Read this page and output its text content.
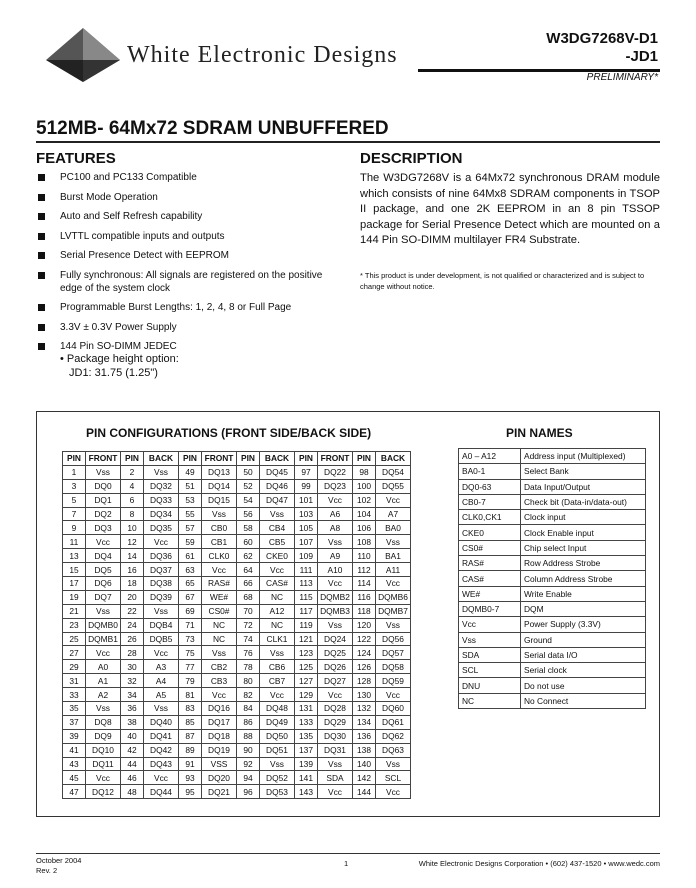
White Electronic Designs
W3DG7268V-D1
-JD1
PRELIMINARY*
512MB- 64Mx72 SDRAM UNBUFFERED
FEATURES
PC100 and PC133 Compatible
Burst Mode Operation
Auto and Self Refresh capability
LVTTL compatible inputs and outputs
Serial Presence Detect with EEPROM
Fully synchronous: All signals are registered on the positive edge of the system clock
Programmable Burst Lengths: 1, 2, 4, 8 or Full Page
3.3V ± 0.3V Power Supply
144 Pin SO-DIMM JEDEC
• Package height option:
JD1: 31.75 (1.25")
DESCRIPTION
The W3DG7268V is a 64Mx72 synchronous DRAM module which consists of nine 64Mx8 SDRAM components in TSOP II package, and one 2K EEPROM in an 8 pin TSSOP package for Serial Presence Detect which are mounted on a 144 Pin SO-DIMM multilayer FR4 Substrate.
* This product is under development, is not qualified or characterized and is subject to change without notice.
PIN CONFIGURATIONS (FRONT SIDE/BACK SIDE)	PIN NAMES
PIN	FRONT	PIN	BACK	PIN	FRONT	PIN	BACK	PIN	FRONT	PIN	BACK
1	Vss	2	Vss	49	DQ13	50	DQ45	97	DQ22	98	DQ54
3	DQ0	4	DQ32	51	DQ14	52	DQ46	99	DQ23	100	DQ55
5	DQ1	6	DQ33	53	DQ15	54	DQ47	101	Vcc	102	Vcc
7	DQ2	8	DQ34	55	Vss	56	Vss	103	A6	104	A7
9	DQ3	10	DQ35	57	CB0	58	CB4	105	A8	106	BA0
11	Vcc	12	Vcc	59	CB1	60	CB5	107	Vss	108	Vss
13	DQ4	14	DQ36	61	CLK0	62	CKE0	109	A9	110	BA1
15	DQ5	16	DQ37	63	Vcc	64	Vcc	111	A10	112	A11
17	DQ6	18	DQ38	65	RAS#	66	CAS#	113	Vcc	114	Vcc
19	DQ7	20	DQ39	67	WE#	68	NC	115	DQMB2	116	DQMB6
21	Vss	22	Vss	69	CS0#	70	A12	117	DQMB3	118	DQMB7
23	DQMB0	24	DQB4	71	NC	72	NC	119	Vss	120	Vss
25	DQMB1	26	DQB5	73	NC	74	CLK1	121	DQ24	122	DQ56
27	Vcc	28	Vcc	75	Vss	76	Vss	123	DQ25	124	DQ57
29	A0	30	A3	77	CB2	78	CB6	125	DQ26	126	DQ58
31	A1	32	A4	79	CB3	80	CB7	127	DQ27	128	DQ59
33	A2	34	A5	81	Vcc	82	Vcc	129	Vcc	130	Vcc
35	Vss	36	Vss	83	DQ16	84	DQ48	131	DQ28	132	DQ60
37	DQ8	38	DQ40	85	DQ17	86	DQ49	133	DQ29	134	DQ61
39	DQ9	40	DQ41	87	DQ18	88	DQ50	135	DQ30	136	DQ62
41	DQ10	42	DQ42	89	DQ19	90	DQ51	137	DQ31	138	DQ63
43	DQ11	44	DQ43	91	VSS	92	Vss	139	Vss	140	Vss
45	Vcc	46	Vcc	93	DQ20	94	DQ52	141	SDA	142	SCL
47	DQ12	48	DQ44	95	DQ21	96	DQ53	143	Vcc	144	Vcc
A0 – A12	Address input (Multiplexed)
BA0-1	Select Bank
DQ0-63	Data Input/Output
CB0-7	Check bit (Data-in/data-out)
CLK0,CK1	Clock input
CKE0	Clock Enable input
CS0#	Chip select Input
RAS#	Row Address Strobe
CAS#	Column Address Strobe
WE#	Write Enable
DQMB0-7	DQM
Vcc	Power Supply (3.3V)
Vss	Ground
SDA	Serial data I/O
SCL	Serial clock
DNU	Do not use
NC	No Connect
October 2004
Rev. 2
1	White Electronic Designs Corporation • (602) 437-1520 • www.wedc.com
